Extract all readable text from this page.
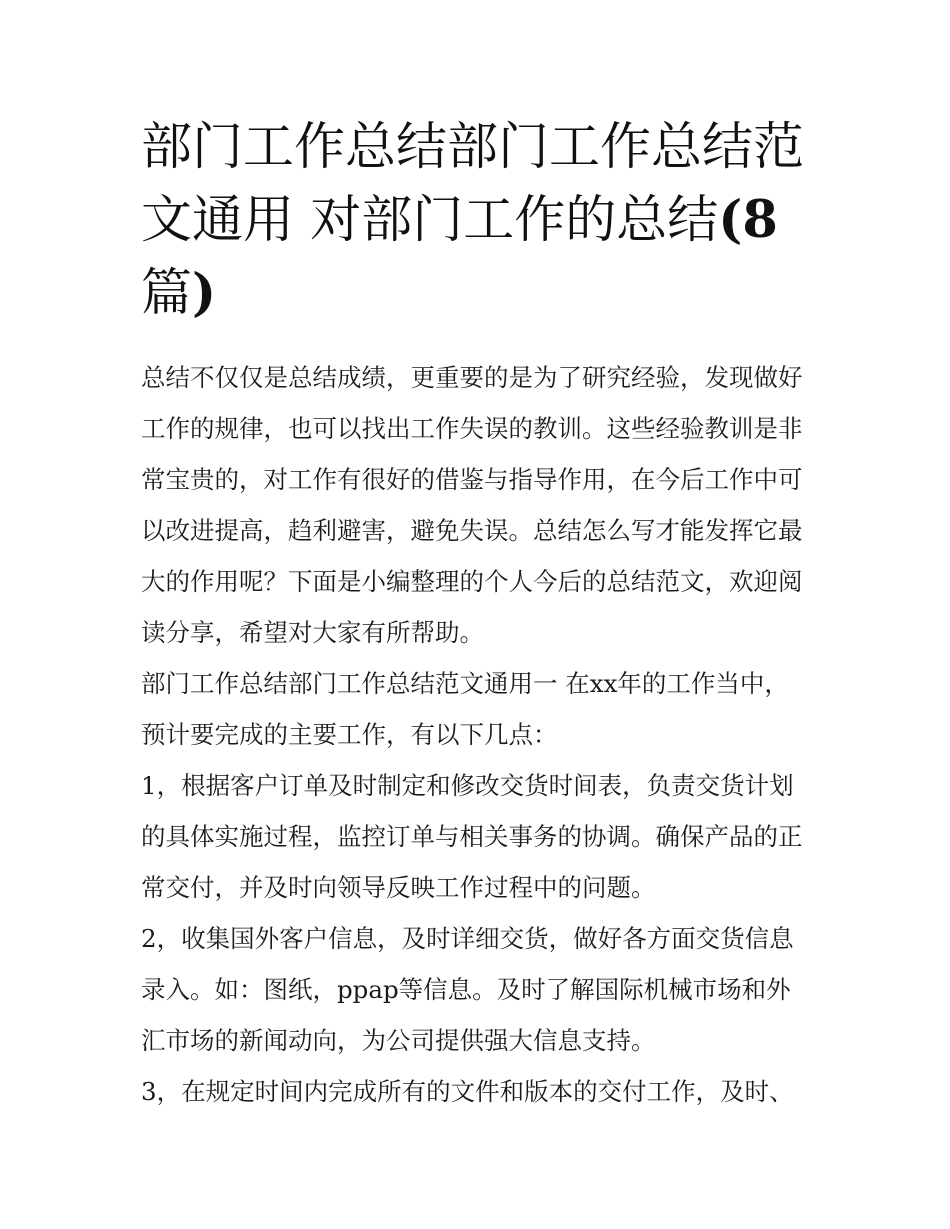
部门工作总结部门工作总结范
文通用 对部门工作的总结(8
篇)

总结不仅仅是总结成绩，更重要的是为了研究经验，发现做好工作的规律，也可以找出工作失误的教训。这些经验教训是非常宝贵的，对工作有很好的借鉴与指导作用，在今后工作中可以改进提高，趋利避害，避免失误。总结怎么写才能发挥它最大的作用呢？下面是小编整理的个人今后的总结范文，欢迎阅读分享，希望对大家有所帮助。

部门工作总结部门工作总结范文通用一 在xx年的工作当中，预计要完成的主要工作，有以下几点：

1，根据客户订单及时制定和修改交货时间表，负责交货计划的具体实施过程，监控订单与相关事务的协调。确保产品的正常交付，并及时向领导反映工作过程中的问题。

2，收集国外客户信息，及时详细交货，做好各方面交货信息录入。如：图纸，ppap等信息。及时了解国际机械市场和外汇市场的新闻动向，为公司提供强大信息支持。

3，在规定时间内完成所有的文件和版本的交付工作，及时、
